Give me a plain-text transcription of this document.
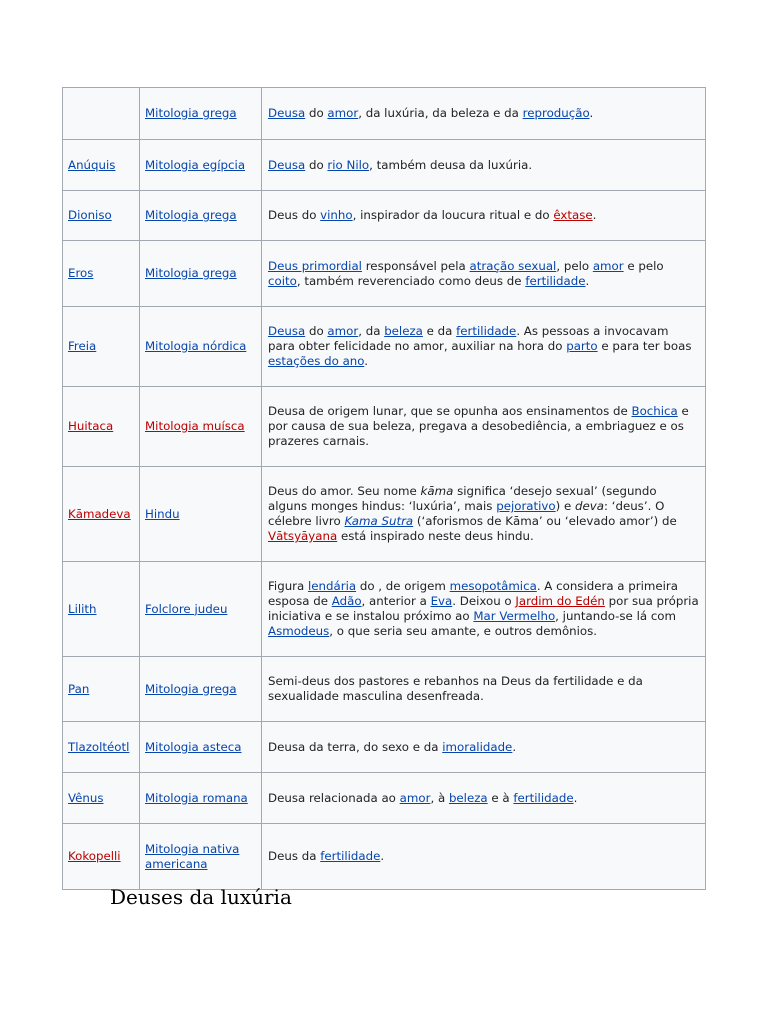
	Mitologia grega	Deusa do amor, da luxúria, da beleza e da reprodução.
Anúquis	Mitologia egípcia	Deusa do rio Nilo, também deusa da luxúria.
Dioniso	Mitologia grega	Deus do vinho, inspirador da loucura ritual e do êxtase.
Eros	Mitologia grega	Deus primordial responsável pela atração sexual, pelo amor e pelo coito, também reverenciado como deus de fertilidade.
Freia	Mitologia nórdica	Deusa do amor, da beleza e da fertilidade. As pessoas a invocavam para obter felicidade no amor, auxiliar na hora do parto e para ter boas estações do ano.
Huitaca	Mitologia muísca	Deusa de origem lunar, que se opunha aos ensinamentos de Bochica e por causa de sua beleza, pregava a desobediência, a embriaguez e os prazeres carnais.
Kāmadeva	Hindu	Deus do amor. Seu nome kāma significa ‘desejo sexual’ (segundo alguns monges hindus: ‘luxúria’, mais pejorativo) e deva: ‘deus’. O célebre livro Kama Sutra (‘aforismos de Kāma’ ou ‘elevado amor’) de Vātsyāyana está inspirado neste deus hindu.
Lilith	Folclore judeu	Figura lendária do , de origem mesopotâmica. A considera a primeira esposa de Adão, anterior a Eva. Deixou o Jardim do Edén por sua própria iniciativa e se instalou próximo ao Mar Vermelho, juntando-se lá com Asmodeus, o que seria seu amante, e outros demônios.
Pan	Mitologia grega	Semi-deus dos pastores e rebanhos na Deus da fertilidade e da sexualidade masculina desenfreada.
Tlazoltéotl	Mitologia asteca	Deusa da terra, do sexo e da imoralidade.
Vênus	Mitologia romana	Deusa relacionada ao amor, à beleza e à fertilidade.
Kokopelli	Mitologia nativa americana	Deus da fertilidade.

Deuses da luxúria
